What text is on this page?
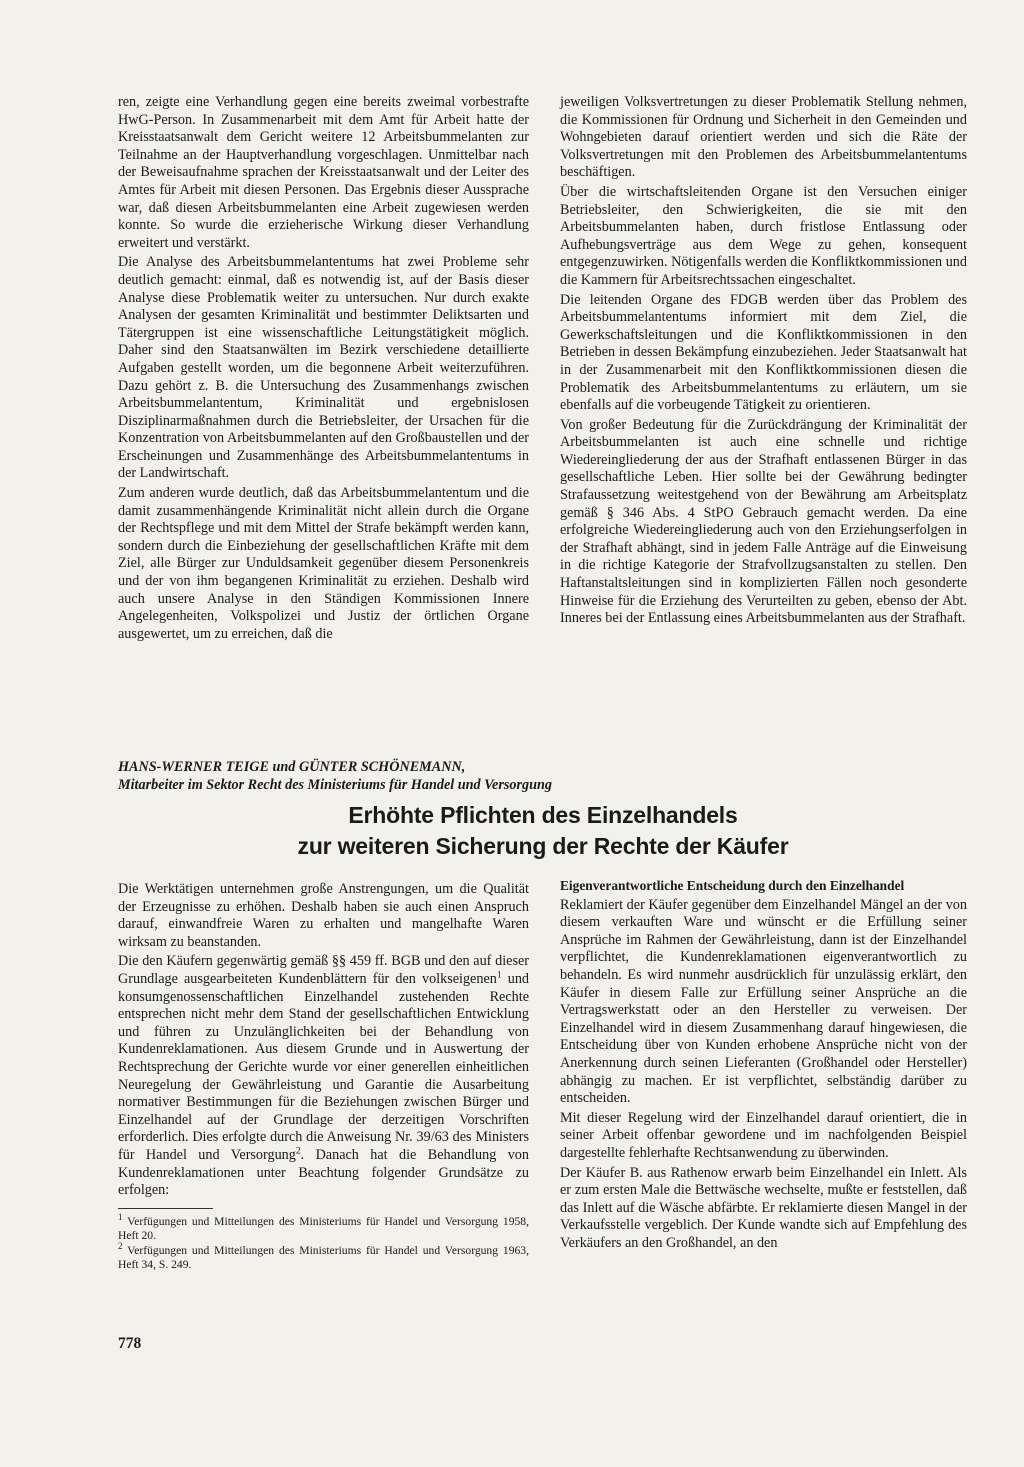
ren, zeigte eine Verhandlung gegen eine bereits zweimal vorbestrafte HwG-Person. In Zusammenarbeit mit dem Amt für Arbeit hatte der Kreisstaatsanwalt dem Gericht weitere 12 Arbeitsbummelanten zur Teilnahme an der Hauptverhandlung vorgeschlagen. Unmittelbar nach der Beweisaufnahme sprachen der Kreisstaatsanwalt und der Leiter des Amtes für Arbeit mit diesen Personen. Das Ergebnis dieser Aussprache war, daß diesen Arbeitsbummelanten eine Arbeit zugewiesen werden konnte. So wurde die erzieherische Wirkung dieser Verhandlung erweitert und verstärkt.

Die Analyse des Arbeitsbummelantentums hat zwei Probleme sehr deutlich gemacht: einmal, daß es notwendig ist, auf der Basis dieser Analyse diese Problematik weiter zu untersuchen. Nur durch exakte Analysen der gesamten Kriminalität und bestimmter Deliktsarten und Tätergruppen ist eine wissenschaftliche Leitungstätigkeit möglich. Daher sind den Staatsanwälten im Bezirk verschiedene detaillierte Aufgaben gestellt worden, um die begonnene Arbeit weiterzuführen. Dazu gehört z. B. die Untersuchung des Zusammenhangs zwischen Arbeitsbummelantentum, Kriminalität und ergebnislosen Disziplinarmaßnahmen durch die Betriebsleiter, der Ursachen für die Konzentration von Arbeitsbummelanten auf den Großbaustellen und der Erscheinungen und Zusammenhänge des Arbeitsbummelantentums in der Landwirtschaft.

Zum anderen wurde deutlich, daß das Arbeitsbummelantentum und die damit zusammenhängende Kriminalität nicht allein durch die Organe der Rechtspflege und mit dem Mittel der Strafe bekämpft werden kann, sondern durch die Einbeziehung der gesellschaftlichen Kräfte mit dem Ziel, alle Bürger zur Unduldsamkeit gegenüber diesem Personenkreis und der von ihm begangenen Kriminalität zu erziehen. Deshalb wird auch unsere Analyse in den Ständigen Kommissionen Innere Angelegenheiten, Volkspolizei und Justiz der örtlichen Organe ausgewertet, um zu erreichen, daß die

jeweiligen Volksvertretungen zu dieser Problematik Stellung nehmen, die Kommissionen für Ordnung und Sicherheit in den Gemeinden und Wohngebieten darauf orientiert werden und sich die Räte der Volksvertretungen mit den Problemen des Arbeitsbummelantentums beschäftigen.

Über die wirtschaftsleitenden Organe ist den Versuchen einiger Betriebsleiter, den Schwierigkeiten, die sie mit den Arbeitsbummelanten haben, durch fristlose Entlassung oder Aufhebungsverträge aus dem Wege zu gehen, konsequent entgegenzuwirken. Nötigenfalls werden die Konfliktkommissionen und die Kammern für Arbeitsrechtssachen eingeschaltet.

Die leitenden Organe des FDGB werden über das Problem des Arbeitsbummelantentums informiert mit dem Ziel, die Gewerkschaftsleitungen und die Konfliktkommissionen in den Betrieben in dessen Bekämpfung einzubeziehen. Jeder Staatsanwalt hat in der Zusammenarbeit mit den Konfliktkommissionen diesen die Problematik des Arbeitsbummelantentums zu erläutern, um sie ebenfalls auf die vorbeugende Tätigkeit zu orientieren.

Von großer Bedeutung für die Zurückdrängung der Kriminalität der Arbeitsbummelanten ist auch eine schnelle und richtige Wiedereingliederung der aus der Strafhaft entlassenen Bürger in das gesellschaftliche Leben. Hier sollte bei der Gewährung bedingter Strafaussetzung weitestgehend von der Bewährung am Arbeitsplatz gemäß § 346 Abs. 4 StPO Gebrauch gemacht werden. Da eine erfolgreiche Wiedereingliederung auch von den Erziehungserfolgen in der Strafhaft abhängt, sind in jedem Falle Anträge auf die Einweisung in die richtige Kategorie der Strafvollzugsanstalten zu stellen. Den Haftanstaltsleitungen sind in komplizierten Fällen noch gesonderte Hinweise für die Erziehung des Verurteilten zu geben, ebenso der Abt. Inneres bei der Entlassung eines Arbeitsbummelanten aus der Strafhaft.

HANS-WERNER TEIGE und GÜNTER SCHÖNEMANN,
Mitarbeiter im Sektor Recht des Ministeriums für Handel und Versorgung
Erhöhte Pflichten des Einzelhandels
zur weiteren Sicherung der Rechte der Käufer

Die Werktätigen unternehmen große Anstrengungen, um die Qualität der Erzeugnisse zu erhöhen. Deshalb haben sie auch einen Anspruch darauf, einwandfreie Waren zu erhalten und mangelhafte Waren wirksam zu beanstanden.

Die den Käufern gegenwärtig gemäß §§ 459 ff. BGB und den auf dieser Grundlage ausgearbeiteten Kundenblättern für den volkseigenen$^1$ und konsumgenossenschaftlichen Einzelhandel zustehenden Rechte entsprechen nicht mehr dem Stand der gesellschaftlichen Entwicklung und führen zu Unzulänglichkeiten bei der Behandlung von Kundenreklamationen. Aus diesem Grunde und in Auswertung der Rechtsprechung der Gerichte wurde vor einer generellen einheitlichen Neuregelung der Gewährleistung und Garantie die Ausarbeitung normativer Bestimmungen für die Beziehungen zwischen Bürger und Einzelhandel auf der Grundlage der derzeitigen Vorschriften erforderlich. Dies erfolgte durch die Anweisung Nr. 39/63 des Ministers für Handel und Versorgung$^2$. Danach hat die Behandlung von Kundenreklamationen unter Beachtung folgender Grundsätze zu erfolgen:

$^1$ Verfügungen und Mitteilungen des Ministeriums für Handel und Versorgung 1958, Heft 20.

$^2$ Verfügungen und Mitteilungen des Ministeriums für Handel und Versorgung 1963, Heft 34, S. 249.

Eigenverantwortliche Entscheidung durch den Einzelhandel

Reklamiert der Käufer gegenüber dem Einzelhandel Mängel an der von diesem verkauften Ware und wünscht er die Erfüllung seiner Ansprüche im Rahmen der Gewährleistung, dann ist der Einzelhandel verpflichtet, die Kundenreklamationen eigenverantwortlich zu behandeln. Es wird nunmehr ausdrücklich für unzulässig erklärt, den Käufer in diesem Falle zur Erfüllung seiner Ansprüche an die Vertragswerkstatt oder an den Hersteller zu verweisen. Der Einzelhandel wird in diesem Zusammenhang darauf hingewiesen, die Entscheidung über von Kunden erhobene Ansprüche nicht von der Anerkennung durch seinen Lieferanten (Großhandel oder Hersteller) abhängig zu machen. Er ist verpflichtet, selbständig darüber zu entscheiden.

Mit dieser Regelung wird der Einzelhandel darauf orientiert, die in seiner Arbeit offenbar gewordene und im nachfolgenden Beispiel dargestellte fehlerhafte Rechtsanwendung zu überwinden.

Der Käufer B. aus Rathenow erwarb beim Einzelhandel ein Inlett. Als er zum ersten Male die Bettwäsche wechselte, mußte er feststellen, daß das Inlett auf die Wäsche abfärbte. Er reklamierte diesen Mangel in der Verkaufsstelle vergeblich. Der Kunde wandte sich auf Empfehlung des Verkäufers an den Großhandel, an den

778
